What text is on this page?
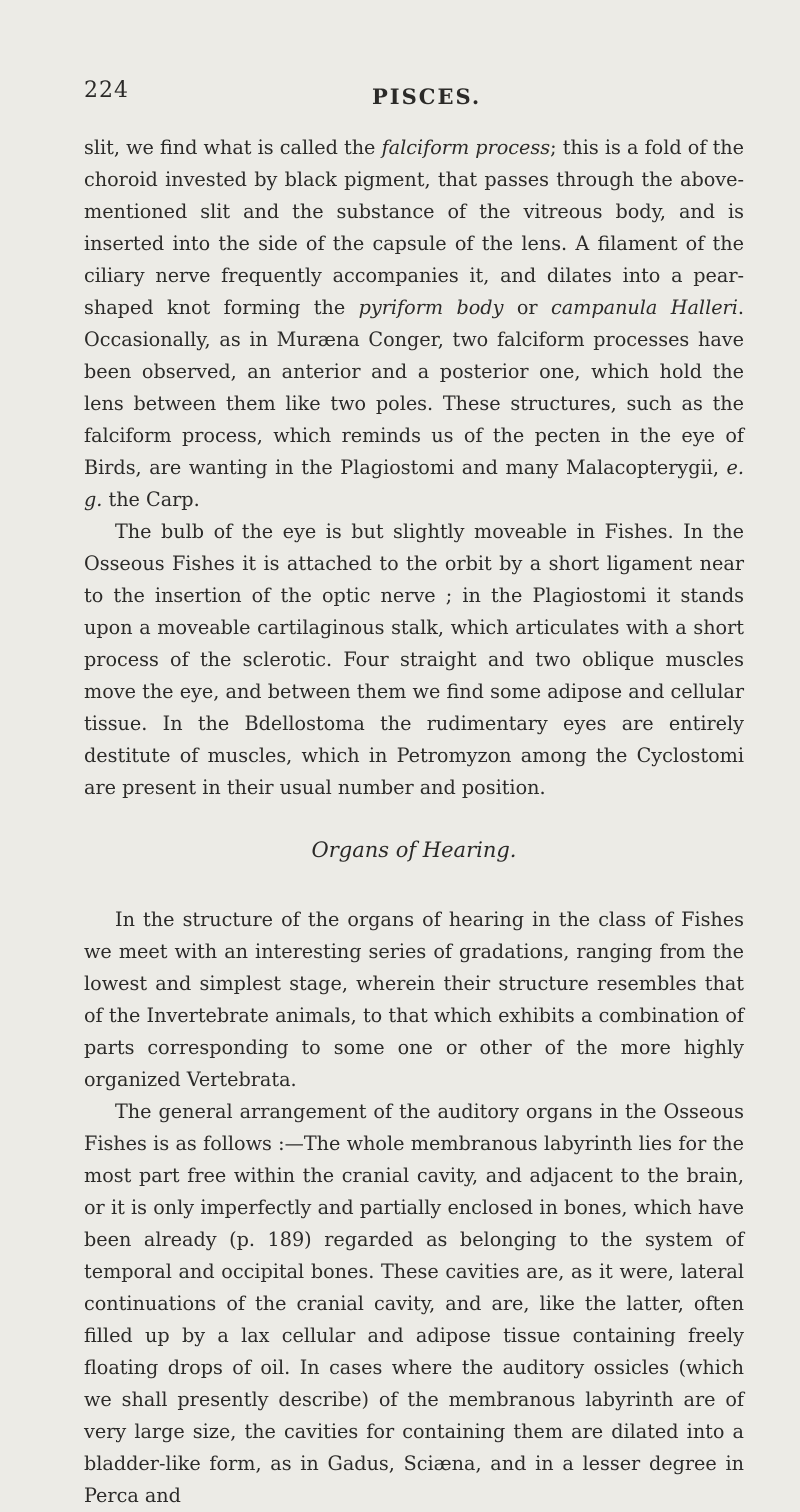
224	PISCES.

slit, we find what is called the falciform process; this is a fold of the choroid invested by black pigment, that passes through the above-mentioned slit and the substance of the vitreous body, and is inserted into the side of the capsule of the lens. A filament of the ciliary nerve frequently accompanies it, and dilates into a pear-shaped knot forming the pyriform body or campanula Halleri. Occasionally, as in Muræna Conger, two falciform processes have been observed, an anterior and a posterior one, which hold the lens between them like two poles. These structures, such as the falciform process, which reminds us of the pecten in the eye of Birds, are wanting in the Plagiostomi and many Malacopterygii, e. g. the Carp.

The bulb of the eye is but slightly moveable in Fishes. In the Osseous Fishes it is attached to the orbit by a short ligament near to the insertion of the optic nerve ; in the Plagiostomi it stands upon a moveable cartilaginous stalk, which articulates with a short process of the sclerotic. Four straight and two oblique muscles move the eye, and between them we find some adipose and cellular tissue. In the Bdellostoma the rudimentary eyes are entirely destitute of muscles, which in Petromyzon among the Cyclostomi are present in their usual number and position.

Organs of Hearing.

In the structure of the organs of hearing in the class of Fishes we meet with an interesting series of gradations, ranging from the lowest and simplest stage, wherein their structure resembles that of the Invertebrate animals, to that which exhibits a combination of parts corresponding to some one or other of the more highly organized Vertebrata.

The general arrangement of the auditory organs in the Osseous Fishes is as follows :—The whole membranous labyrinth lies for the most part free within the cranial cavity, and adjacent to the brain, or it is only imperfectly and partially enclosed in bones, which have been already (p. 189) regarded as belonging to the system of temporal and occipital bones. These cavities are, as it were, lateral continuations of the cranial cavity, and are, like the latter, often filled up by a lax cellular and adipose tissue containing freely floating drops of oil. In cases where the auditory ossicles (which we shall presently describe) of the membranous labyrinth are of very large size, the cavities for containing them are dilated into a bladder-like form, as in Gadus, Sciæna, and in a lesser degree in Perca and
